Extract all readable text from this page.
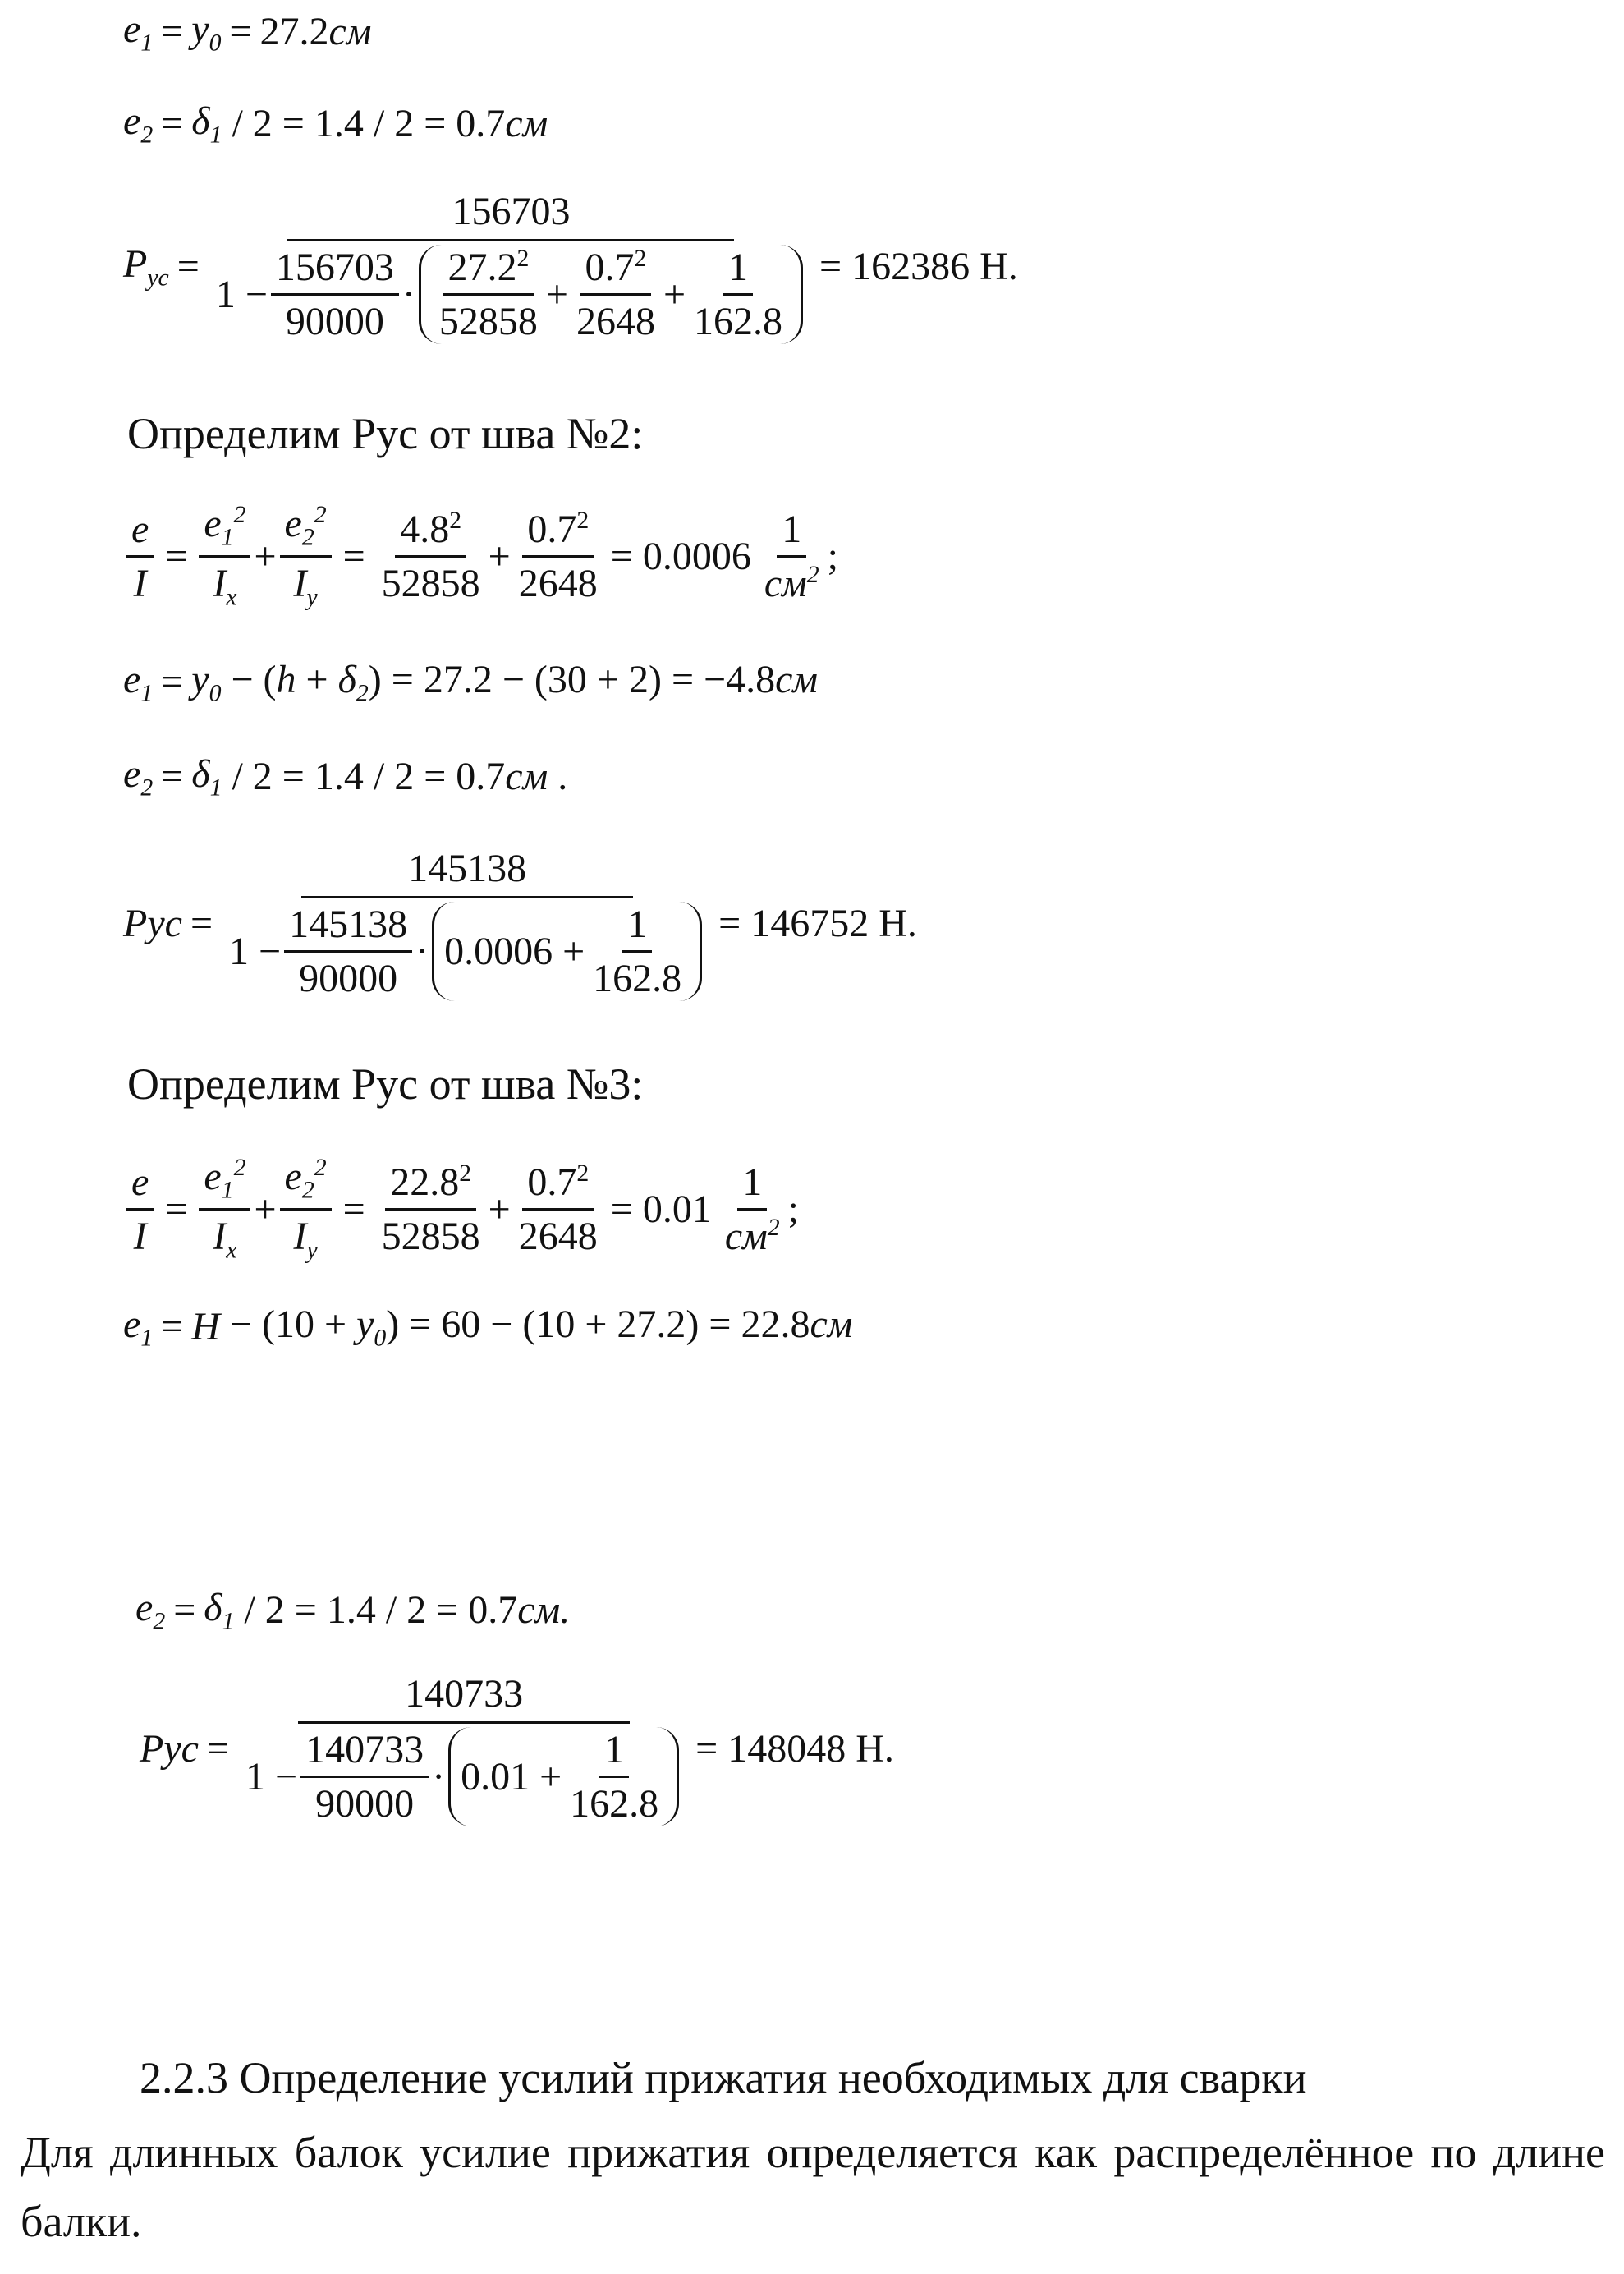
$e_1 = y_0 = 27.2см$
$e_2 = \delta_1 / 2 = 1.4 / 2 = 0.7см$
$P_{ус}$ =
156703
$1 - \frac{156703}{90000} \cdot \frac{27.2^2}{52858} + \frac{0.7^2}{2648} + \frac{1}{162.8} = 162386$ Н.
Определим Рус от шва №2:
$\frac{e}{I} = \frac{e_1^2}{I_x} + \frac{e_2^2}{I_y} = \frac{4.8^2}{52858} + \frac{0.7^2}{2648} = 0.0006 \frac{1}{см^2}$ ;
$e_1 = y_0 - (h + \delta_2) = 27.2 - (30 + 2) = -4.8см$
$e_2 = \delta_1 / 2 = 1.4 / 2 = 0.7см$ .
Рус =
145138
$1 - \frac{145138}{90000} \cdot 0.0006 + \frac{1}{162.8} = 146752$ Н.
Определим Рус от шва №3:
$\frac{e}{I} = \frac{e_1^2}{I_x} + \frac{e_2^2}{I_y} = \frac{22.8^2}{52858} + \frac{0.7^2}{2648} = 0.01 \frac{1}{см^2}$ ;
$e_1 = H - (10 + y_0) = 60 - (10 + 27.2) = 22.8см$
$e_2 = \delta_1 / 2 = 1.4 / 2 = 0.7см$.
Рус =
140733
$1 - \frac{140733}{90000} \cdot 0.01 + \frac{1}{162.8} = 148048$ Н.
2.2.3 Определение усилий прижатия необходимых для сварки
Для длинных балок усилие прижатия определяется как распределённое по длине балки.
